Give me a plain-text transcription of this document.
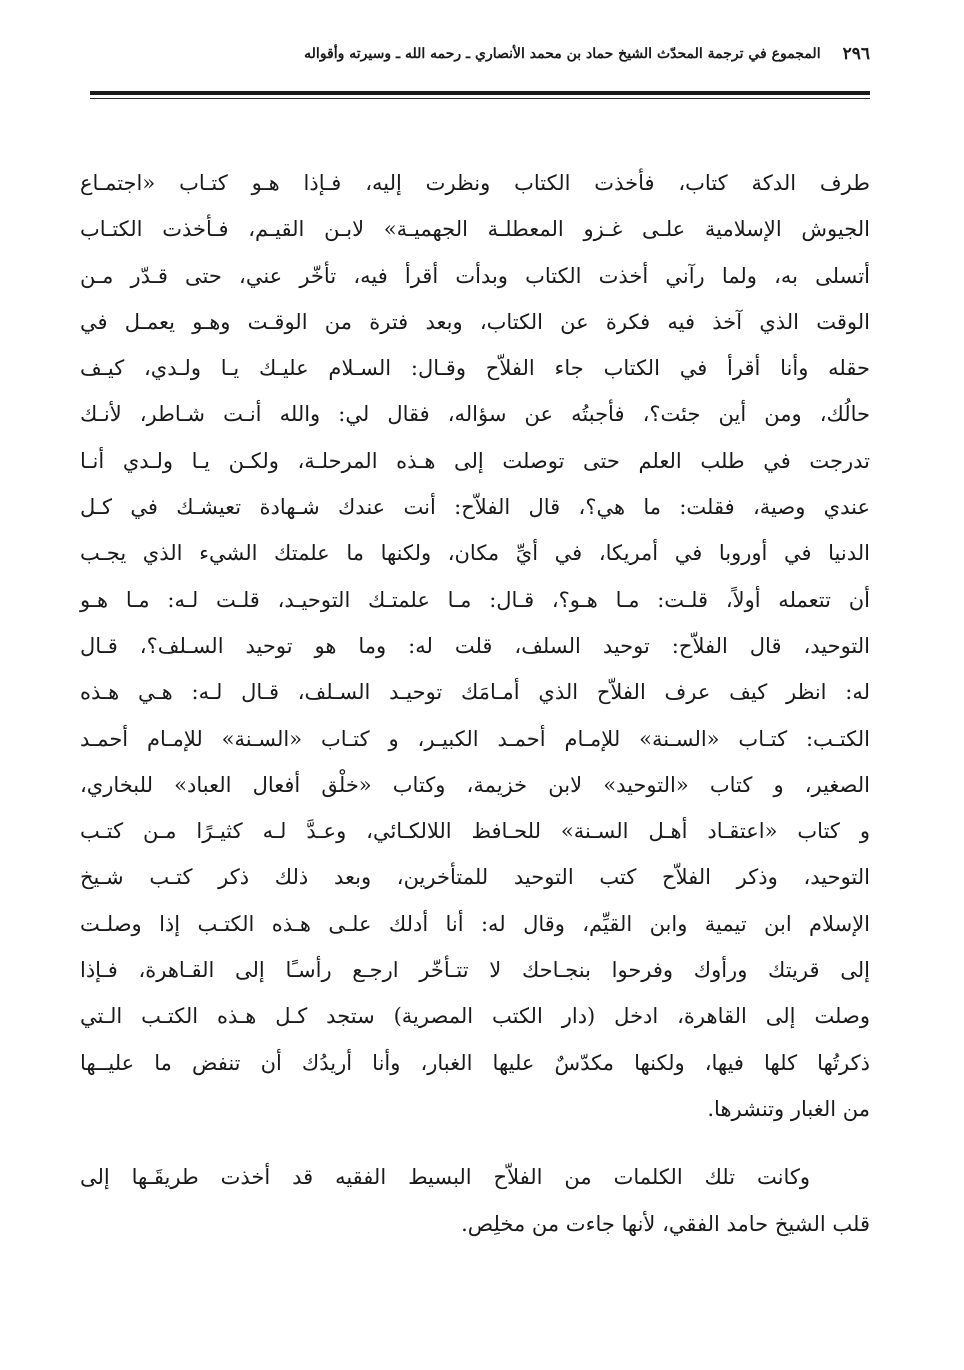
٢٩٦
المجموع في ترجمة المحدّث الشيخ حماد بن محمد الأنصاري ـ رحمه الله ـ وسيرته وأقواله
طرف الدكة كتاب، فأخذت الكتاب ونظرت إليه، فـإذا هـو كتـاب «اجتمـاع
الجيوش الإسلامية علـى غـزو المعطلـة الجهميـة» لابـن القيـم، فـأخذت الكتـاب
أتسلى به، ولما رآني أخذت الكتاب وبدأت أقرأ فيه، تأخّر عني، حتى قـدّر مـن
الوقت الذي آخذ فيه فكرة عن الكتاب، وبعد فترة من الوقـت وهـو يعمـل في
حقله وأنا أقرأ في الكتاب جاء الفلاّح وقـال: السـلام عليـك يـا ولـدي، كيـف
حالُك، ومن أين جئت؟، فأجبتُه عن سؤاله، فقال لي: والله أنـت شـاطر، لأنـك
تدرجت في طلب العلم حتى توصلت إلى هـذه المرحلـة، ولكـن يـا ولـدي أنـا
عندي وصية، فقلت: ما هي؟، قال الفلاّح: أنت عندك شـهادة تعيشـك في كـل
الدنيا في أوروبا في أمريكا، في أيِّ مكان، ولكنها ما علمتك الشيء الذي يجـب
أن تتعمله أولاً، قلـت: مـا هـو؟، قـال: مـا علمتـك التوحيـد، قلـت لـه: مـا هـو
التوحيد، قال الفلاّح: توحيد السلف، قلت له: وما هو توحيد السـلف؟، قـال
له: انظر كيف عرف الفلاّح الذي أمـامَك توحيـد السـلف، قـال لـه: هـي هـذه
الكتـب: كتـاب «السـنة» للإمـام أحمـد الكبيـر، و كتـاب «السـنة» للإمـام أحمـد
الصغير، و كتاب «التوحيد» لابن خزيمة، وكتاب «خلْق أفعال العباد» للبخاري،
و كتاب «اعتقـاد أهـل السـنة» للحـافظ اللالكـائي، وعـدَّ لـه كثيـرًا مـن كتـب
التوحيد، وذكر الفلاّح كتب التوحيد للمتأخرين، وبعد ذلك ذكر كتـب شـيخ
الإسلام ابن تيمية وابن القيِّم، وقال له: أنا أدلك علـى هـذه الكتـب إذا وصلـت
إلى قريتك ورأوك وفرحوا بنجـاحك لا تتـأخّر ارجـع رأسـًا إلى القـاهرة، فـإذا
وصلت إلى القاهرة، ادخل (دار الكتب المصرية) ستجد كـل هـذه الكتـب الـتي
ذكرتُها كلها فيها، ولكنها مكدّسٌ عليها الغبار، وأنا أريدُك أن تنفض ما عليــها
من الغبار وتنشرها.
وكانت تلك الكلمات من الفلاّح البسيط الفقيه قد أخذت طريقَـها إلى
قلب الشيخ حامد الفقي، لأنها جاءت من مخلِص.
